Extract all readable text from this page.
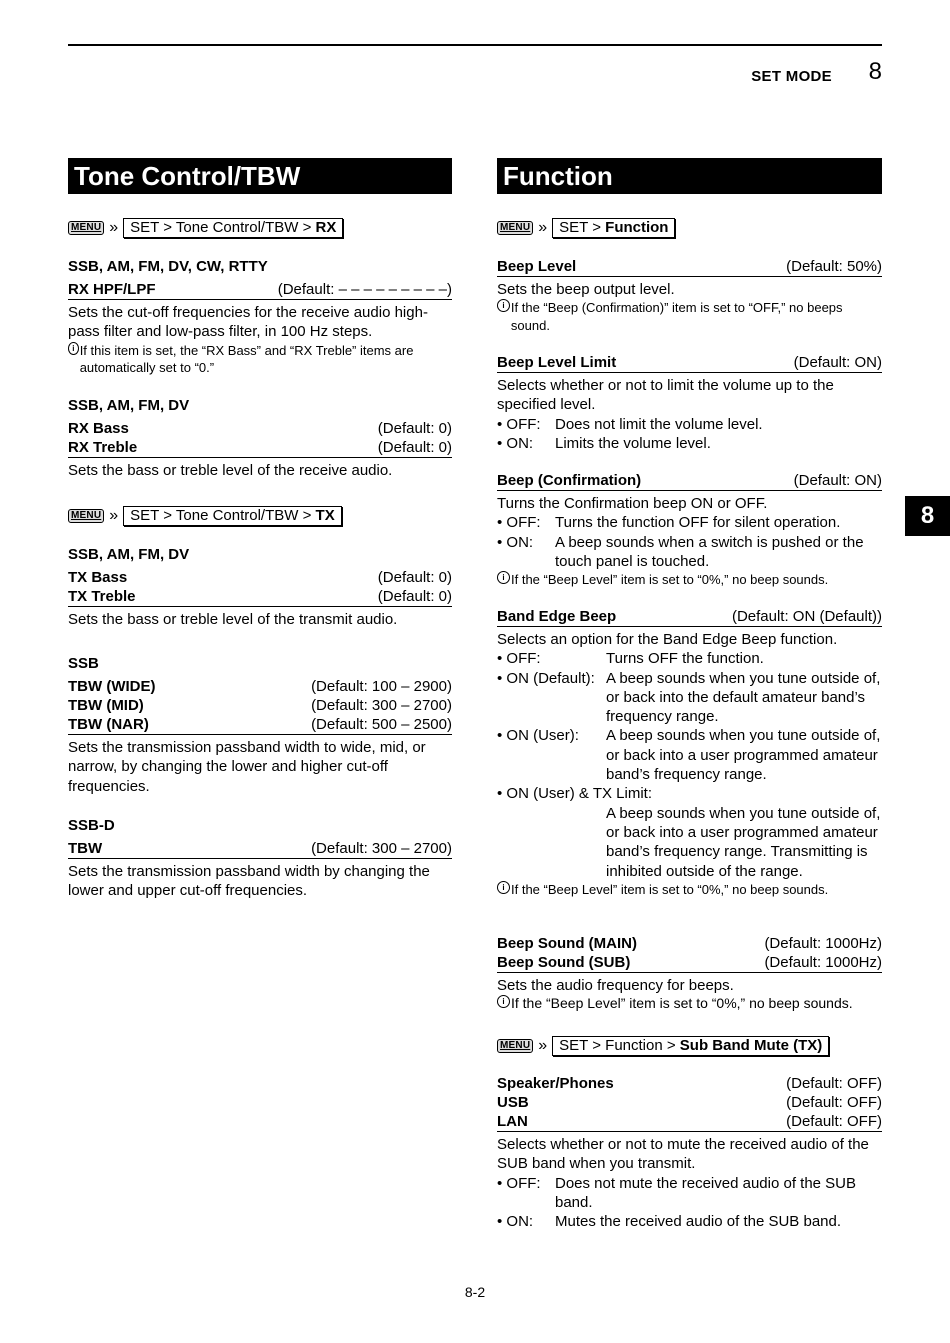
SET MODE 8
8
Tone Control/TBW
MENU » SET > Tone Control/TBW > RX
SSB, AM, FM, DV, CW, RTTY
RX HPF/LPF	(Default: – – – – – – – – –)
Sets the cut-off frequencies for the receive audio high-pass filter and low-pass filter, in 100 Hz steps.
i If this item is set, the “RX Bass” and “RX Treble” items are automatically set to “0.”
SSB, AM, FM, DV
RX Bass	(Default: 0)
RX Treble	(Default: 0)
Sets the bass or treble level of the receive audio.
MENU » SET > Tone Control/TBW > TX
SSB, AM, FM, DV
TX Bass	(Default: 0)
TX Treble	(Default: 0)
Sets the bass or treble level of the transmit audio.
SSB
TBW (WIDE)	(Default: 100 – 2900)
TBW (MID)	(Default: 300 – 2700)
TBW (NAR)	(Default: 500 – 2500)
Sets the transmission passband width to wide, mid, or narrow, by changing the lower and higher cut-off frequencies.
SSB-D
TBW	(Default: 300 – 2700)
Sets the transmission passband width by changing the lower and upper cut-off frequencies.
Function
MENU » SET > Function
Beep Level	(Default: 50%)
Sets the beep output level.
i If the “Beep (Confirmation)” item is set to “OFF,” no beeps sound.
Beep Level Limit	(Default: ON)
Selects whether or not to limit the volume up to the specified level.
• OFF: Does not limit the volume level.
• ON:	Limits the volume level.
Beep (Confirmation)	(Default: ON)
Turns the Confirmation beep ON or OFF.
• OFF: Turns the function OFF for silent operation.
• ON:	A beep sounds when a switch is pushed or the touch panel is touched.
i If the “Beep Level” item is set to “0%,” no beep sounds.
Band Edge Beep	(Default: ON (Default))
Selects an option for the Band Edge Beep function.
• OFF:	Turns OFF the function.
• ON (Default): A beep sounds when you tune outside of, or back into the default amateur band’s frequency range.
• ON (User):	A beep sounds when you tune outside of, or back into a user programmed amateur band’s frequency range.
• ON (User) & TX Limit:
A beep sounds when you tune outside of, or back into a user programmed amateur band’s frequency range. Transmitting is inhibited outside of the range.
i If the “Beep Level” item is set to “0%,” no beep sounds.
Beep Sound (MAIN)	(Default: 1000Hz)
Beep Sound (SUB)	(Default: 1000Hz)
Sets the audio frequency for beeps.
i If the “Beep Level” item is set to “0%,” no beep sounds.
MENU » SET > Function > Sub Band Mute (TX)
Speaker/Phones	(Default: OFF)
USB	(Default: OFF)
LAN	(Default: OFF)
Selects whether or not to mute the received audio of the SUB band when you transmit.
• OFF: Does not mute the received audio of the SUB band.
• ON:	Mutes the received audio of the SUB band.
8-2
